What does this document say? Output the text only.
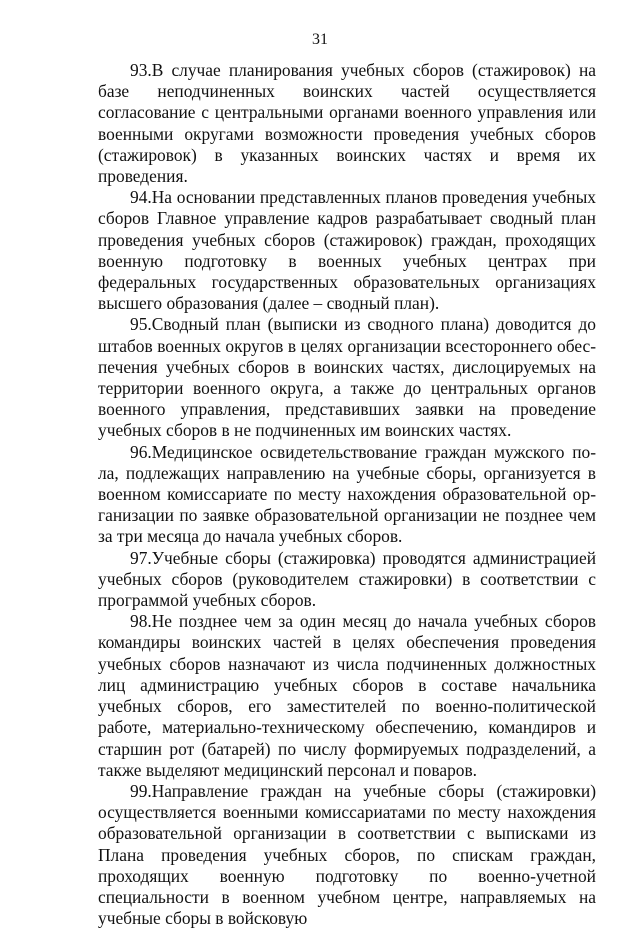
31

93.В случае планирования учебных сборов (стажировок) на базе неподчиненных воинских частей осуществляется согласование с центральными органами военного управления или военными округами возможности проведения учебных сборов (стажировок) в указанных воинских частях и время их проведения.

94.На основании представленных планов проведения учебных сборов Главное управление кадров разрабатывает сводный план проведения учебных сборов (стажировок) граждан, проходящих военную подготовку в военных учебных центрах при федеральных государственных образовательных организациях высшего образования (далее – сводный план).

95.Сводный план (выписки из сводного плана) доводится до штабов военных округов в целях организации всестороннего обеспечения учебных сборов в воинских частях, дислоцируемых на территории военного округа, а также до центральных органов военного управления, представивших заявки на проведение учебных сборов в не подчиненных им воинских частях.

96.Медицинское освидетельствование граждан мужского пола, подлежащих направлению на учебные сборы, организуется в военном комиссариате по месту нахождения образовательной организации по заявке образовательной организации не позднее чем за три месяца до начала учебных сборов.

97.Учебные сборы (стажировка) проводятся администрацией учебных сборов (руководителем стажировки) в соответствии с программой учебных сборов.

98.Не позднее чем за один месяц до начала учебных сборов командиры воинских частей в целях обеспечения проведения учебных сборов назначают из числа подчиненных должностных лиц администрацию учебных сборов в составе начальника учебных сборов, его заместителей по военно-политической работе, материально-техническому обеспечению, командиров и старшин рот (батарей) по числу формируемых подразделений, а также выделяют медицинский персонал и поваров.

99.Направление граждан на учебные сборы (стажировки) осуществляется военными комиссариатами по месту нахождения образовательной организации в соответствии с выписками из Плана проведения учебных сборов, по спискам граждан, проходящих военную подготовку по военно-учетной специальности в военном учебном центре, направляемых на учебные сборы в войсковую
